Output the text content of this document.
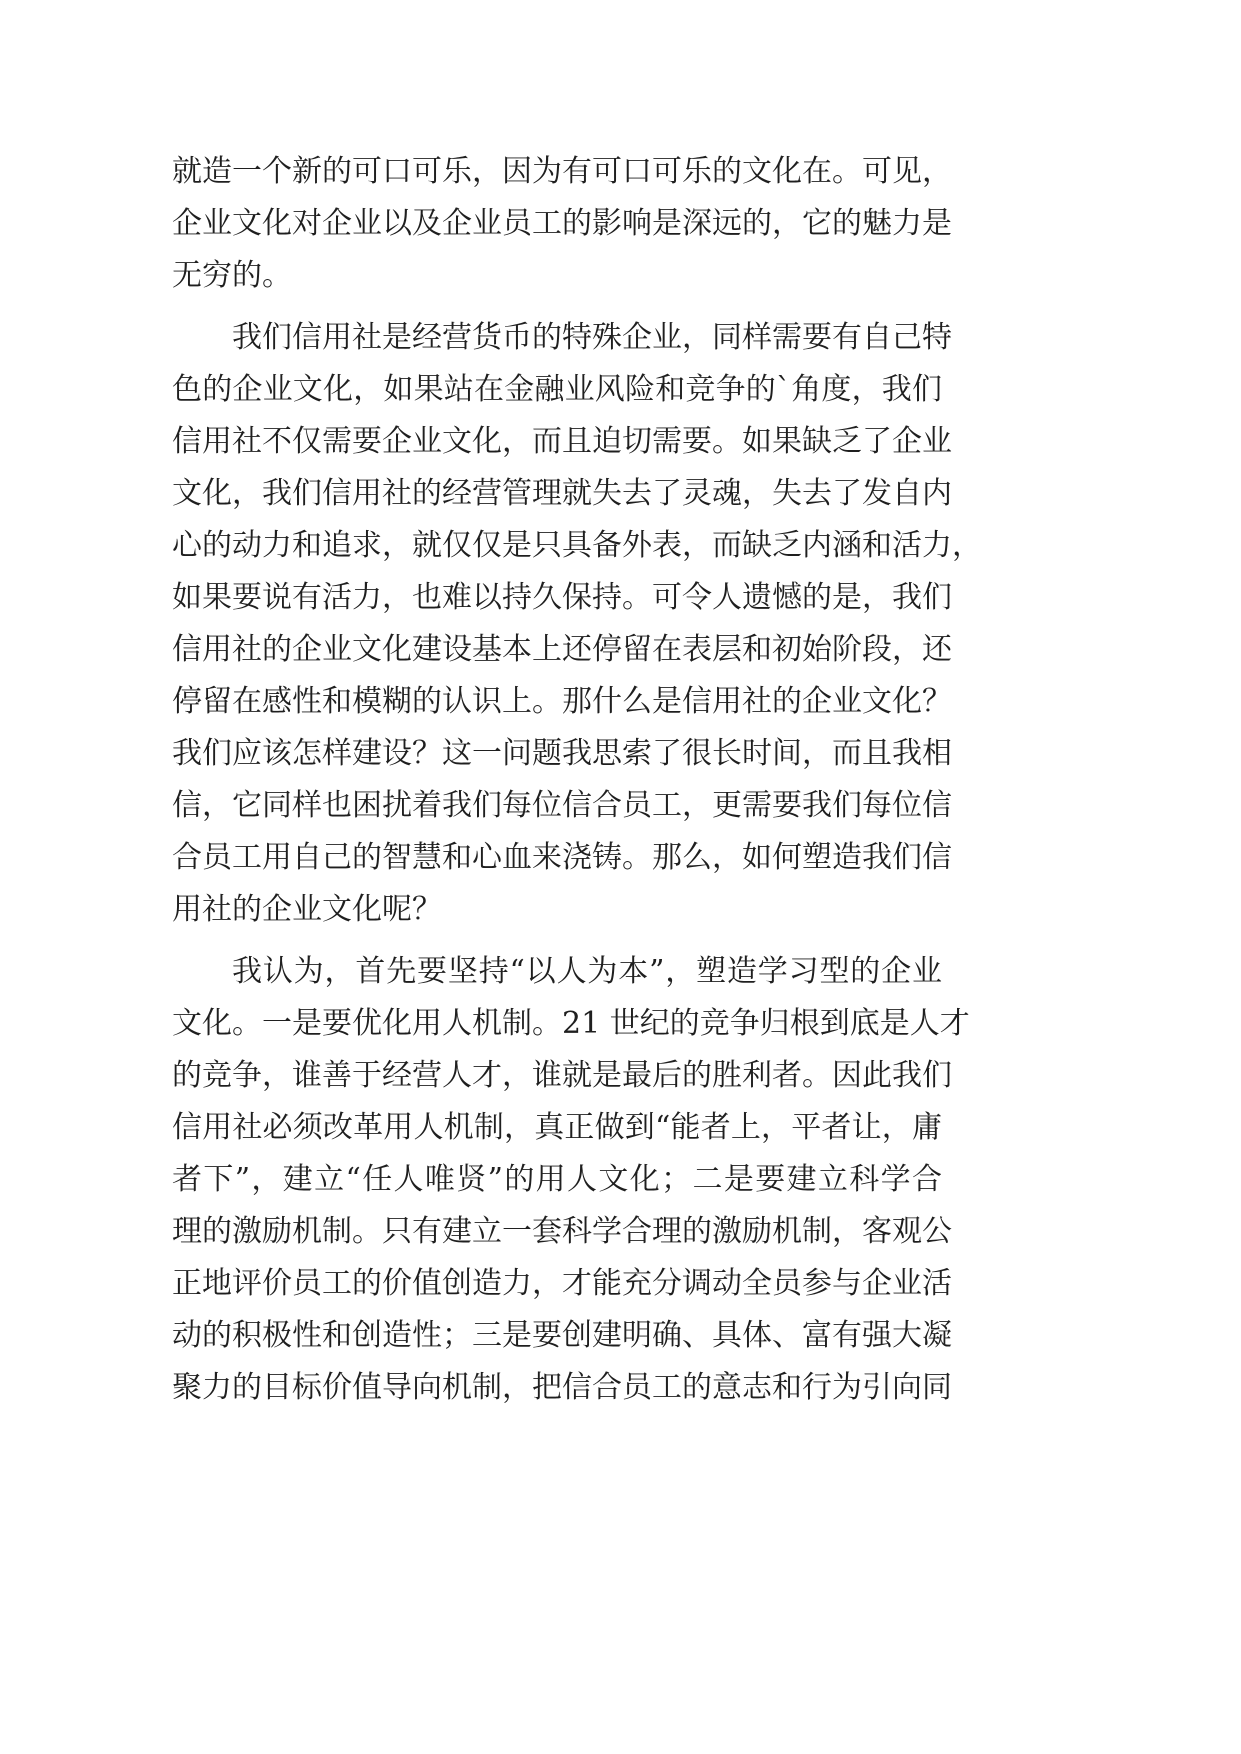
就造一个新的可口可乐，因为有可口可乐的文化在。可见，
企业文化对企业以及企业员工的影响是深远的，它的魅力是
无穷的。
我们信用社是经营货币的特殊企业，同样需要有自己特
色的企业文化，如果站在金融业风险和竞争的`角度，我们
信用社不仅需要企业文化，而且迫切需要。如果缺乏了企业
文化，我们信用社的经营管理就失去了灵魂，失去了发自内
心的动力和追求，就仅仅是只具备外表，而缺乏内涵和活力，
如果要说有活力，也难以持久保持。可令人遗憾的是，我们
信用社的企业文化建设基本上还停留在表层和初始阶段，还
停留在感性和模糊的认识上。那什么是信用社的企业文化？
我们应该怎样建设？这一问题我思索了很长时间，而且我相
信，它同样也困扰着我们每位信合员工，更需要我们每位信
合员工用自己的智慧和心血来浇铸。那么，如何塑造我们信
用社的企业文化呢？
我认为，首先要坚持“以人为本”，塑造学习型的企业
文化。一是要优化用人机制。21 世纪的竞争归根到底是人才
的竞争，谁善于经营人才，谁就是最后的胜利者。因此我们
信用社必须改革用人机制，真正做到“能者上，平者让，庸
者下”，建立“任人唯贤”的用人文化；二是要建立科学合
理的激励机制。只有建立一套科学合理的激励机制，客观公
正地评价员工的价值创造力，才能充分调动全员参与企业活
动的积极性和创造性；三是要创建明确、具体、富有强大凝
聚力的目标价值导向机制，把信合员工的意志和行为引向同
